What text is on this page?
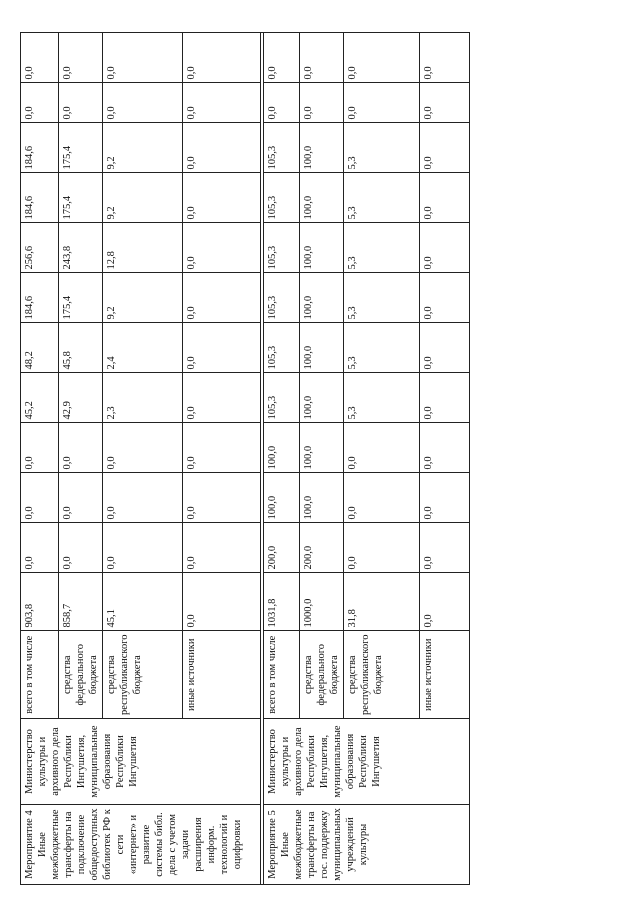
Мероприятие 4 Иные межбюджетные трансферты на подключение общедоступных библиотек РФ к сети «интернет» и развитие системы библ. дела с учетом задачи расширения информ. технологий и оцифровки	Министерство культуры и архивного дела Республики Ингушетия, муниципальные образования Республики Ингушетия	всего в том числе	903,8	0,0	0,0	0,0	45,2	48,2	184,6	256,6	184,6	184,6	0,0	0,0
		средства федерального бюджета	858,7	0,0	0,0	0,0	42,9	45,8	175,4	243,8	175,4	175,4	0,0	0,0
		средства республиканского бюджета	45,1	0,0	0,0	0,0	2,3	2,4	9,2	12,8	9,2	9,2	0,0	0,0
		иные источники	0,0	0,0	0,0	0,0	0,0	0,0	0,0	0,0	0,0	0,0	0,0	0,0

Мероприятие 5 Иные межбюджетные трансферты на гос. поддержку муниципальных учреждений культуры	Министерство культуры и архивного дела Республики Ингушетия, муниципальные образования Республики Ингушетия	всего в том числе	1031,8	200,0	100,0	100,0	105,3	105,3	105,3	105,3	105,3	105,3	0,0	0,0
		средства федерального бюджета	1000,0	200,0	100,0	100,0	100,0	100,0	100,0	100,0	100,0	100,0	0,0	0,0
		средства республиканского бюджета	31,8	0,0	0,0	0,0	5,3	5,3	5,3	5,3	5,3	5,3	0,0	0,0
		иные источники	0,0	0,0	0,0	0,0	0,0	0,0	0,0	0,0	0,0	0,0	0,0	0,0
